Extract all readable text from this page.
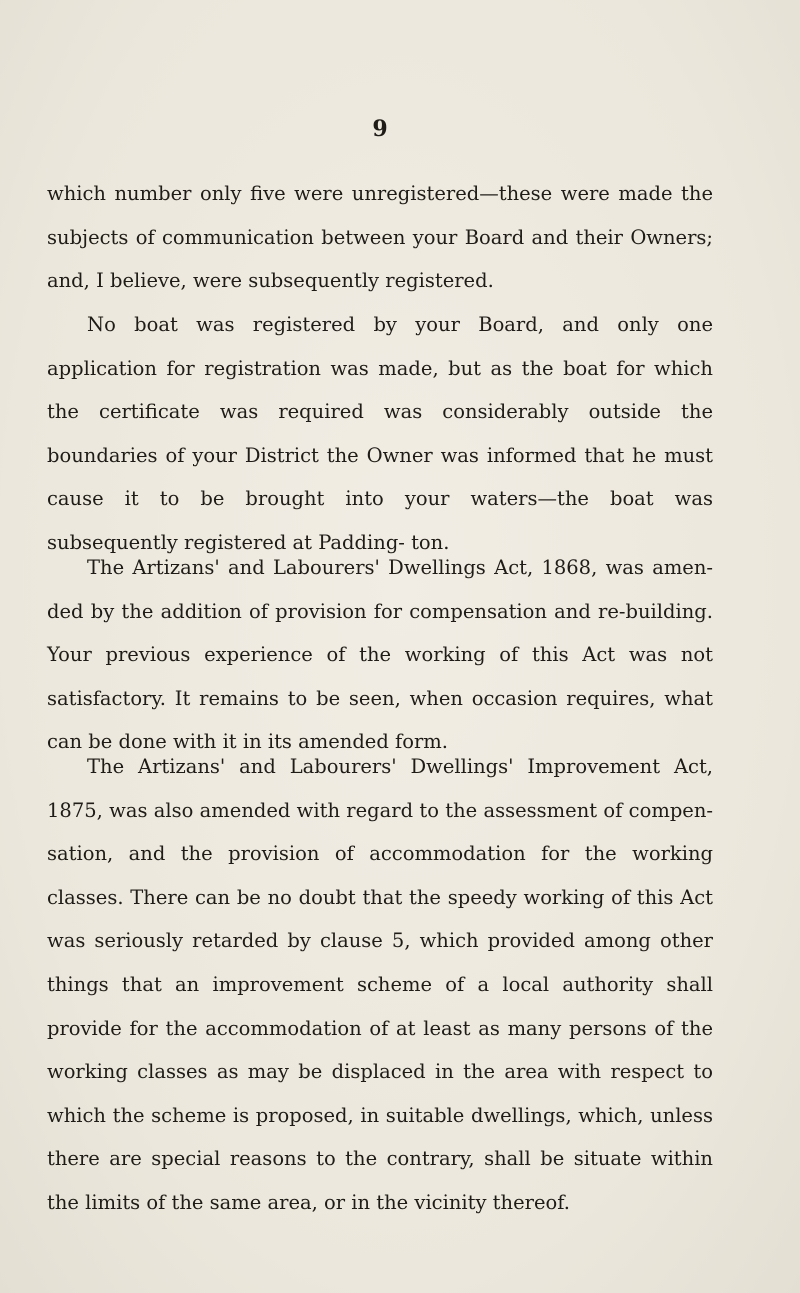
9

which number only five were unregistered—these were made the subjects of communication between your Board and their Owners; and, I believe, were subsequently registered.

No boat was registered by your Board, and only one application for registration was made, but as the boat for which the certificate was required was considerably outside the boundaries of your District the Owner was informed that he must cause it to be brought into your waters—the boat was subsequently registered at Padding- ton.

The Artizans' and Labourers' Dwellings Act, 1868, was amen- ded by the addition of provision for compensation and re-building. Your previous experience of the working of this Act was not satisfactory. It remains to be seen, when occasion requires, what can be done with it in its amended form.

The Artizans' and Labourers' Dwellings' Improvement Act, 1875, was also amended with regard to the assessment of compen- sation, and the provision of accommodation for the working classes. There can be no doubt that the speedy working of this Act was seriously retarded by clause 5, which provided among other things that an improvement scheme of a local authority shall provide for the accommodation of at least as many persons of the working classes as may be displaced in the area with respect to which the scheme is proposed, in suitable dwellings, which, unless there are special reasons to the contrary, shall be situate within the limits of the same area, or in the vicinity thereof.
